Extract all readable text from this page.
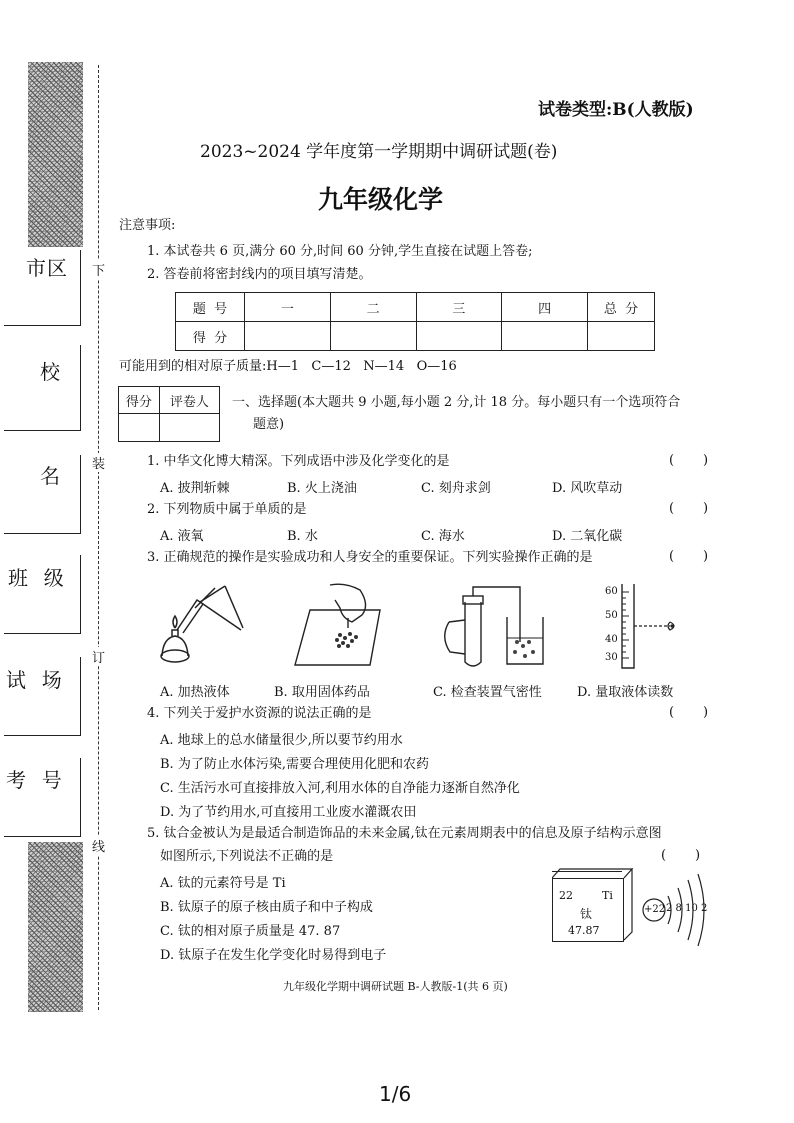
市区
校
名
班  级
试  场
考  号
下
装
订
线
试卷类型:B(人教版)
2023~2024 学年度第一学期期中调研试题(卷)
九年级化学
注意事项:
1. 本试卷共 6 页,满分 60 分,时间 60 分钟,学生直接在试题上答卷;
2. 答卷前将密封线内的项目填写清楚。
题  号	一	二	三	四	总  分
得  分					
可能用到的相对原子质量:H—1   C—12   N—14   O—16
得分	评卷人
	一、选择题(本大题共 9 小题,每小题 2 分,计 18 分。每小题只有一个选项符合
题意)
1. 中华文化博大精深。下列成语中涉及化学变化的是	(       )
A. 披荆斩棘	B. 火上浇油	C. 刻舟求剑	D. 风吹草动
2. 下列物质中属于单质的是	(       )
A. 液氧	B. 水	C. 海水	D. 二氧化碳
3. 正确规范的操作是实验成功和人身安全的重要保证。下列实验操作正确的是	(       )
60
50
40
30
A. 加热液体	B. 取用固体药品	C. 检查装置气密性	D. 量取液体读数
4. 下列关于爱护水资源的说法正确的是	(       )
A. 地球上的总水储量很少,所以要节约用水
B. 为了防止水体污染,需要合理使用化肥和农药
C. 生活污水可直接排放入河,利用水体的自净能力逐渐自然净化
D. 为了节约用水,可直接用工业废水灌溉农田
5. 钛合金被认为是最适合制造饰品的未来金属,钛在元素周期表中的信息及原子结构示意图
如图所示,下列说法不正确的是	(       )
A. 钛的元素符号是 Ti
B. 钛原子的原子核由质子和中子构成
C. 钛的相对原子质量是 47. 87
D. 钛原子在发生化学变化时易得到电子
22	Ti
钛
47.87
+22 2 8 10 2
九年级化学期中调研试题 B-人教版-1(共 6 页)
1/6
